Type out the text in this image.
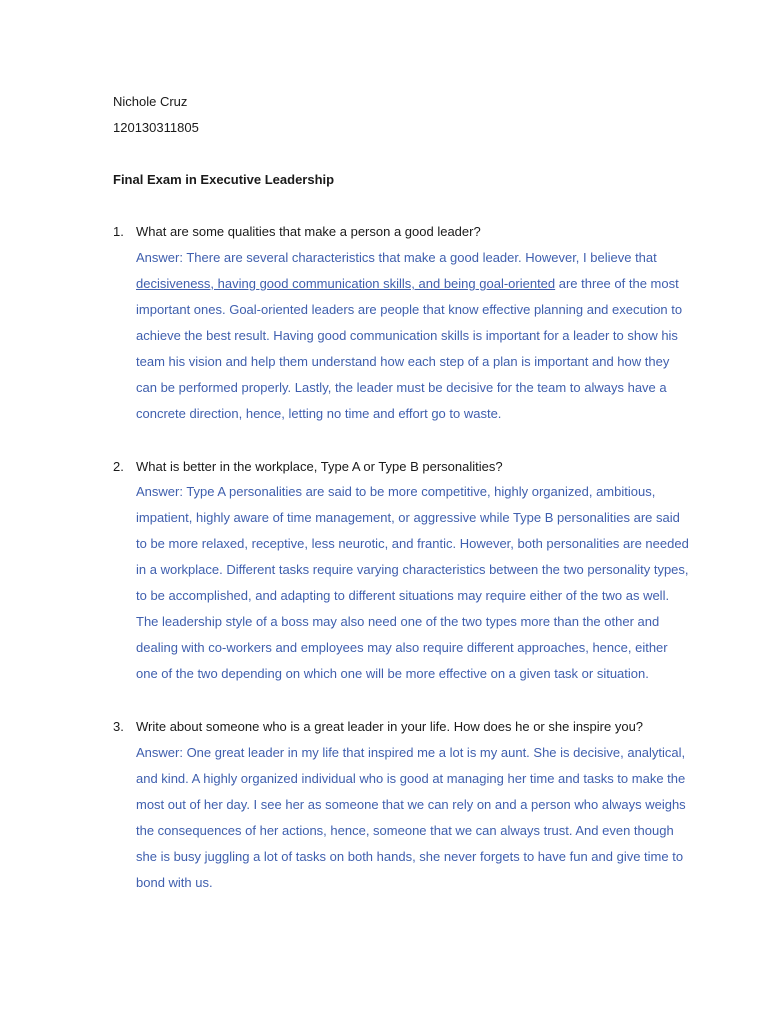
Nichole Cruz
120130311805
Final Exam in Executive Leadership
1. What are some qualities that make a person a good leader?
Answer: There are several characteristics that make a good leader. However, I believe that
decisiveness, having good communication skills, and being goal-oriented are three of the most
important ones. Goal-oriented leaders are people that know effective planning and execution to
achieve the best result. Having good communication skills is important for a leader to show his
team his vision and help them understand how each step of a plan is important and how they
can be performed properly. Lastly, the leader must be decisive for the team to always have a
concrete direction, hence, letting no time and effort go to waste.
2. What is better in the workplace, Type A or Type B personalities?
Answer: Type A personalities are said to be more competitive, highly organized, ambitious,
impatient, highly aware of time management, or aggressive while Type B personalities are said
to be more relaxed, receptive, less neurotic, and frantic. However, both personalities are needed
in a workplace. Different tasks require varying characteristics between the two personality types,
to be accomplished, and adapting to different situations may require either of the two as well.
The leadership style of a boss may also need one of the two types more than the other and
dealing with co-workers and employees may also require different approaches, hence, either
one of the two depending on which one will be more effective on a given task or situation.
3. Write about someone who is a great leader in your life. How does he or she inspire you?
Answer: One great leader in my life that inspired me a lot is my aunt. She is decisive, analytical,
and kind. A highly organized individual who is good at managing her time and tasks to make the
most out of her day. I see her as someone that we can rely on and a person who always weighs
the consequences of her actions, hence, someone that we can always trust. And even though
she is busy juggling a lot of tasks on both hands, she never forgets to have fun and give time to
bond with us.
